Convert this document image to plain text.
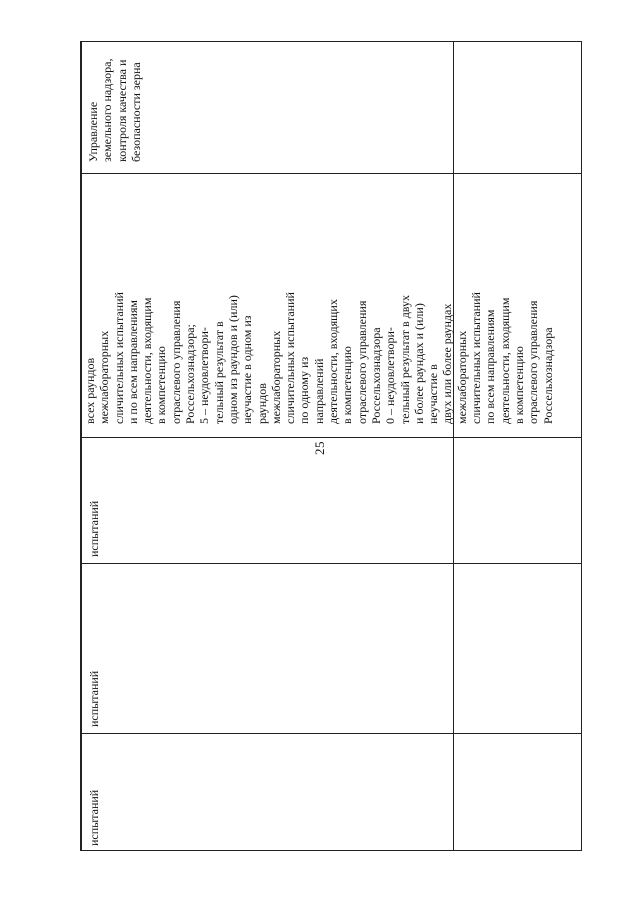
25
испытаний
испытаний
испытаний
всех раундов
межлабораторных
сличительных испытаний
и по всем направлениям
деятельности, входящим
в компетенцию
отраслевого управления
Россельхознадзора;
5 – неудовлетвори-
тельный результат в
одном из раундов и (или)
неучастие в одном из
раундов
межлабораторных
сличительных испытаний
по одному из
направлений
деятельности, входящих
в компетенцию
отраслевого управления
Россельхознадзора
0 – неудовлетвори-
тельный результат в двух
и более раундах и (или)
неучастие в
двух или более раундах
межлабораторных
сличительных испытаний
по всем направлениям
деятельности, входящим
в компетенцию
отраслевого управления
Россельхознадзора
Управление
земельного надзора,
контроля качества и
безопасности зерна
